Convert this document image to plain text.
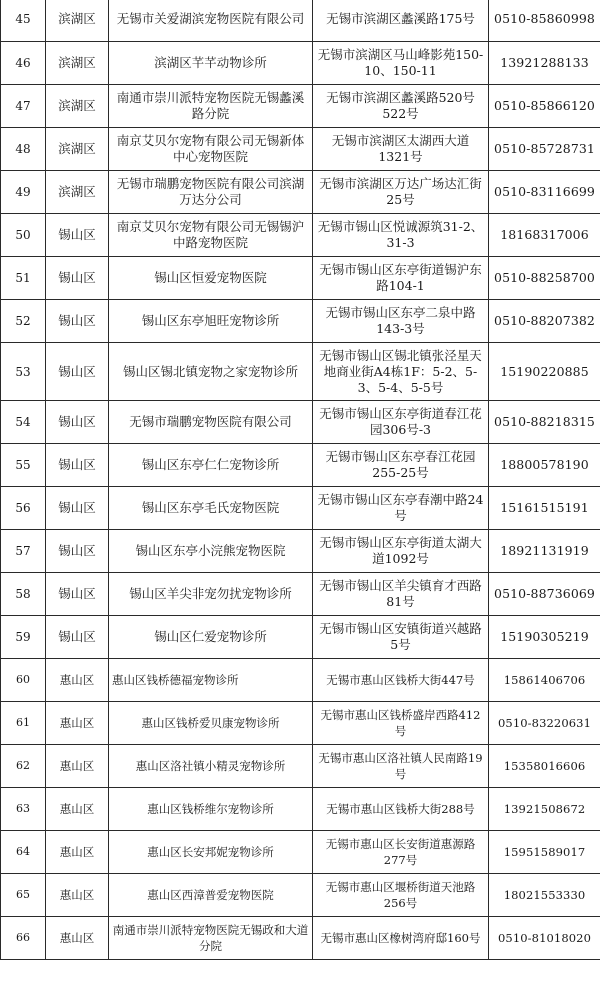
45	滨湖区	无锡市关爱湖滨宠物医院有限公司	无锡市滨湖区蠡溪路175号	0510-85860998
46	滨湖区	滨湖区芊芊动物诊所	无锡市滨湖区马山峰影苑150-10、150-11	13921288133
47	滨湖区	南通市崇川派特宠物医院无锡蠡溪路分院	无锡市滨湖区蠡溪路520号522号	0510-85866120
48	滨湖区	南京艾贝尔宠物有限公司无锡新体中心宠物医院	无锡市滨湖区太湖西大道1321号	0510-85728731
49	滨湖区	无锡市瑞鹏宠物医院有限公司滨湖万达分公司	无锡市滨湖区万达广场达汇街25号	0510-83116699
50	锡山区	南京艾贝尔宠物有限公司无锡锡沪中路宠物医院	无锡市锡山区悦诚源筑31-2、31-3	18168317006
51	锡山区	锡山区恒爱宠物医院	无锡市锡山区东亭街道锡沪东路104-1	0510-88258700
52	锡山区	锡山区东亭旭旺宠物诊所	无锡市锡山区东亭二泉中路143-3号	0510-88207382
53	锡山区	锡山区锡北镇宠物之家宠物诊所	无锡市锡山区锡北镇张泾星天地商业街A4栋1F：5-2、5-3、5-4、5-5号	15190220885
54	锡山区	无锡市瑞鹏宠物医院有限公司	无锡市锡山区东亭街道春江花园306号-3	0510-88218315
55	锡山区	锡山区东亭仁仁宠物诊所	无锡市锡山区东亭春江花园255-25号	18800578190
56	锡山区	锡山区东亭毛氏宠物医院	无锡市锡山区东亭春潮中路24号	15161515191
57	锡山区	锡山区东亭小浣熊宠物医院	无锡市锡山区东亭街道太湖大道1092号	18921131919
58	锡山区	锡山区羊尖非宠勿扰宠物诊所	无锡市锡山区羊尖镇育才西路81号	0510-88736069
59	锡山区	锡山区仁爱宠物诊所	无锡市锡山区安镇街道兴越路5号	15190305219
60	惠山区	惠山区钱桥德福宠物诊所	无锡市惠山区钱桥大街447号	15861406706
61	惠山区	惠山区钱桥爱贝康宠物诊所	无锡市惠山区钱桥盛岸西路412号	0510-83220631
62	惠山区	惠山区洛社镇小精灵宠物诊所	无锡市惠山区洛社镇人民南路19号	15358016606
63	惠山区	惠山区钱桥维尔宠物诊所	无锡市惠山区钱桥大街288号	13921508672
64	惠山区	惠山区长安邦妮宠物诊所	无锡市惠山区长安街道惠源路277号	15951589017
65	惠山区	惠山区西漳普爱宠物医院	无锡市惠山区堰桥街道天池路256号	18021553330
66	惠山区	南通市崇川派特宠物医院无锡政和大道分院	无锡市惠山区橡树湾府邸160号	0510-81018020
